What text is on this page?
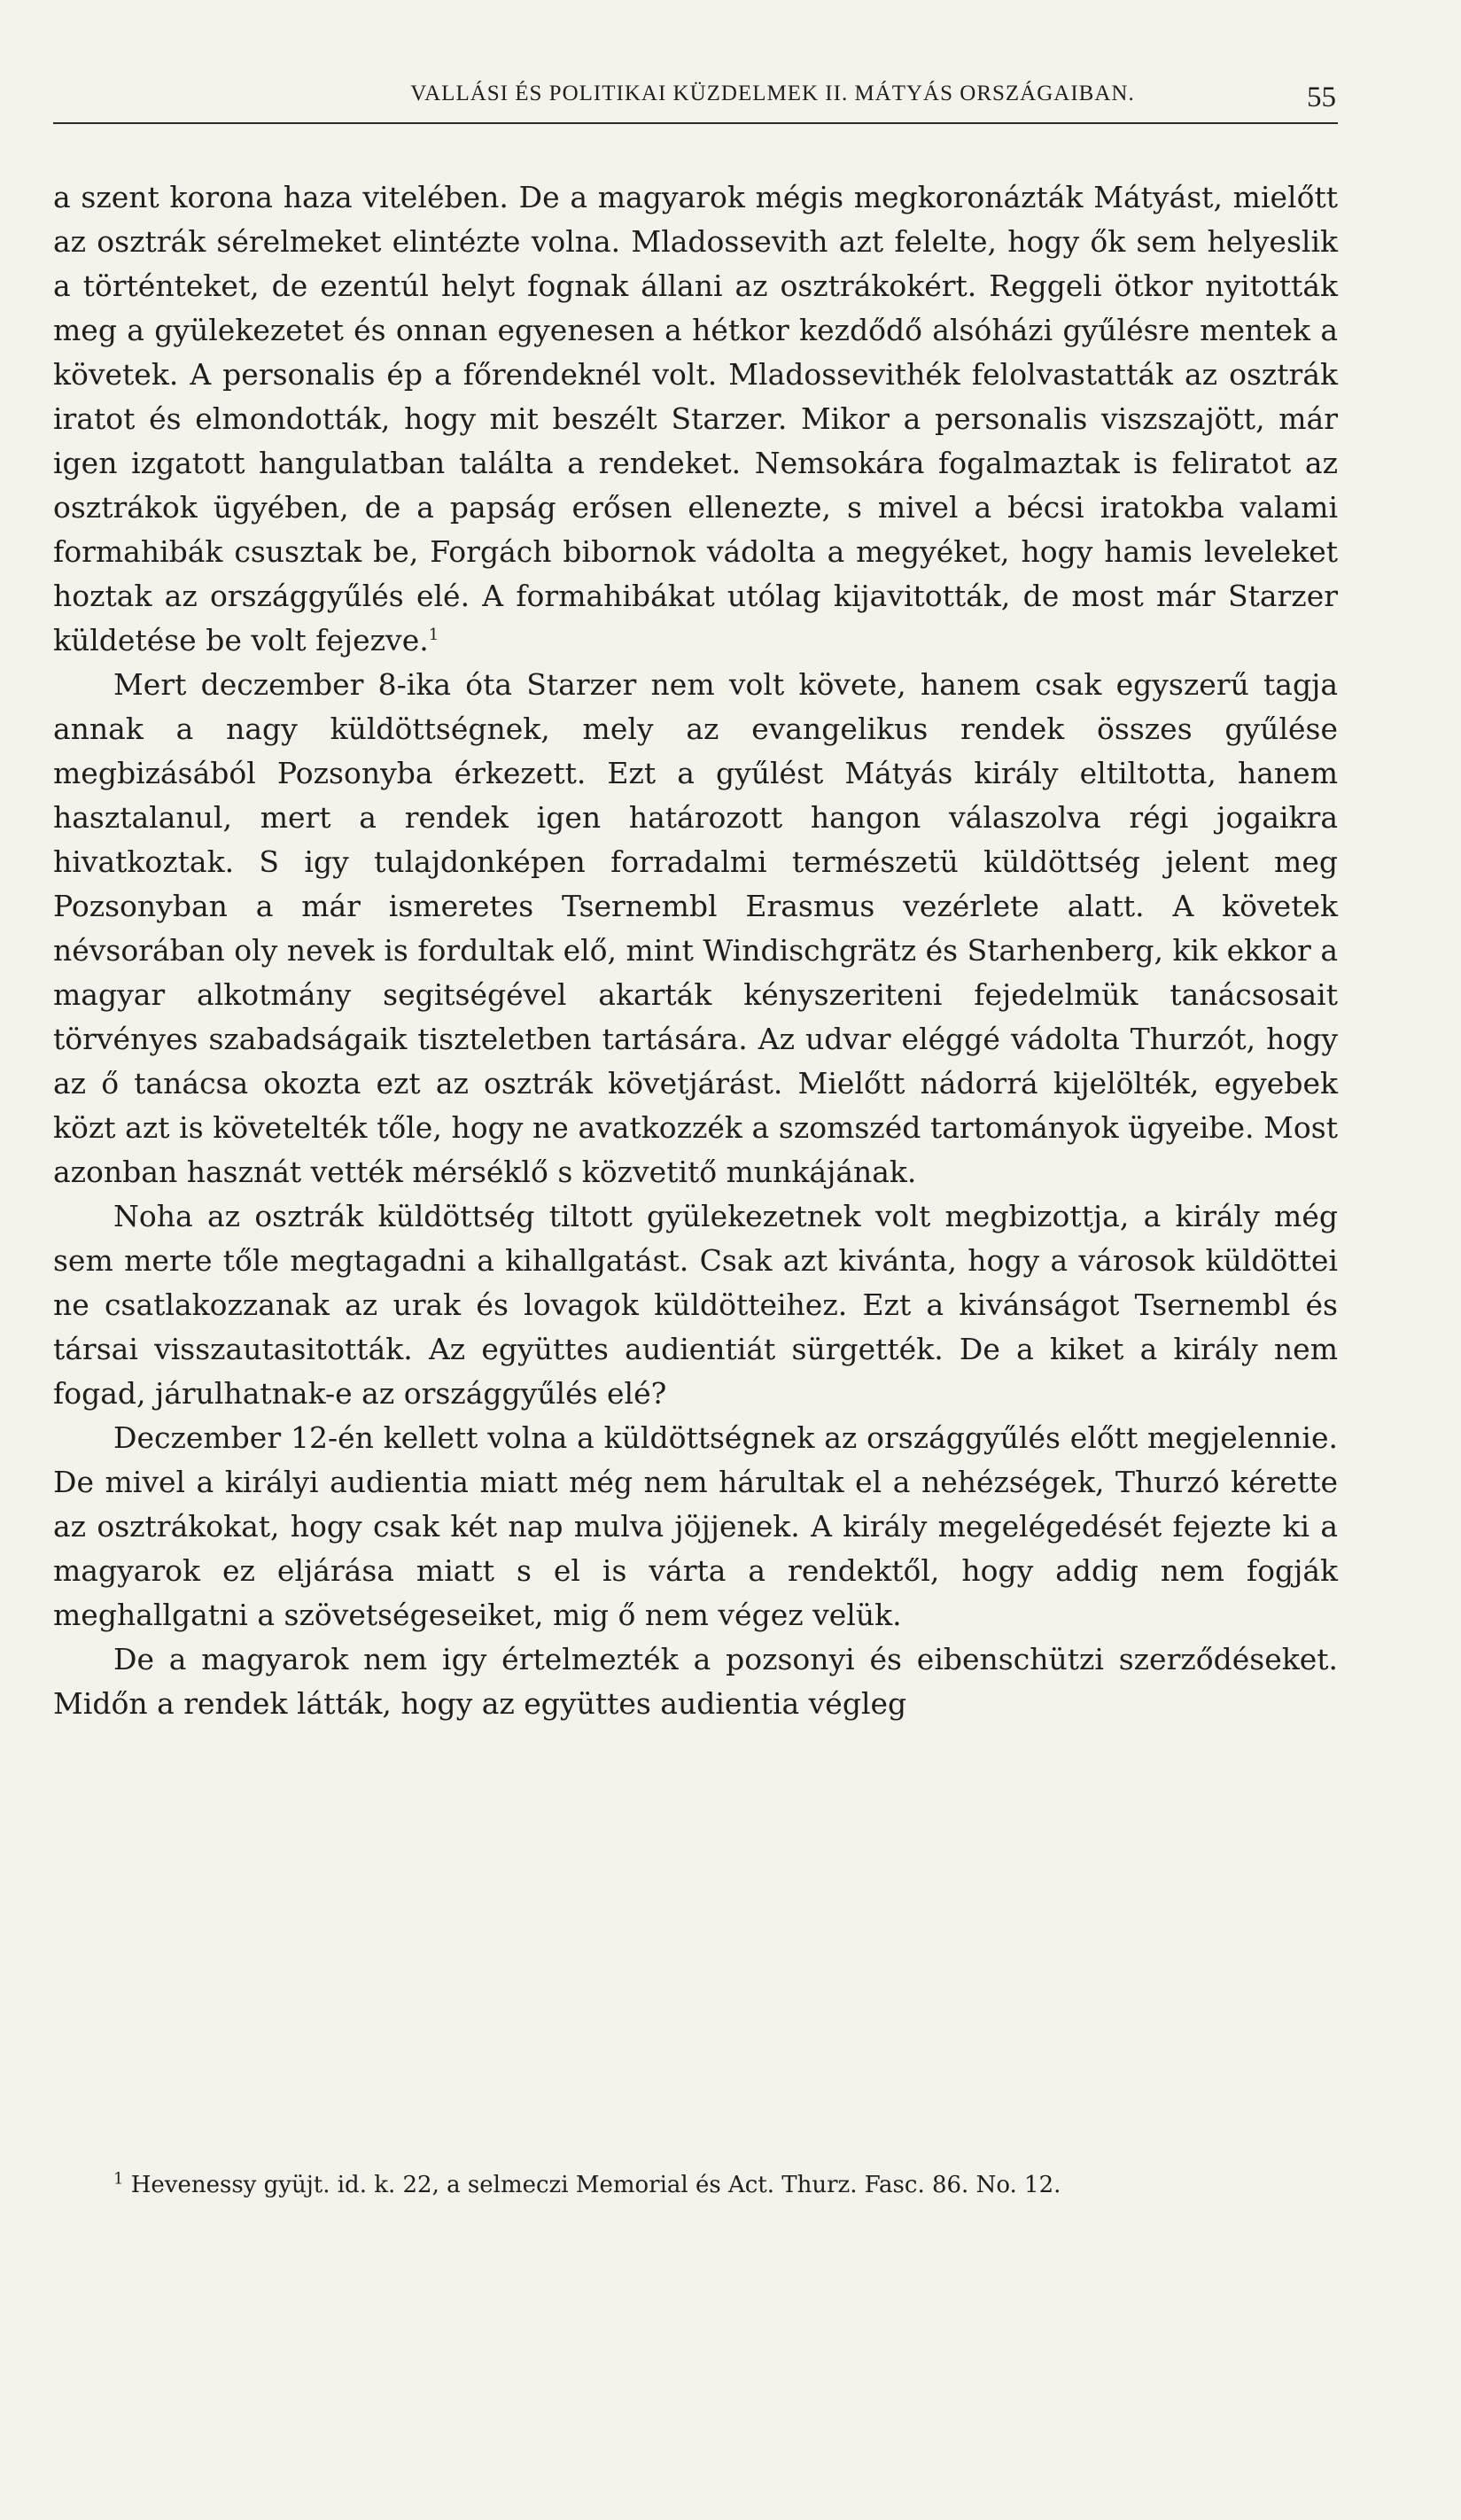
VALLÁSI ÉS POLITIKAI KÜZDELMEK II. MÁTYÁS ORSZÁGAIBAN.	55

a szent korona haza vitelében. De a magyarok mégis megkoronázták Mátyást, mielőtt az osztrák sérelmeket elintézte volna. Mladossevith azt felelte, hogy ők sem helyeslik a történteket, de ezentúl helyt fognak állani az osztrákokért. Reggeli ötkor nyitották meg a gyülekezetet és onnan egyenesen a hétkor kezdődő alsóházi gyűlésre mentek a követek. A personalis ép a főrendeknél volt. Mladossevithék felolvastatták az osztrák iratot és elmondották, hogy mit beszélt Starzer. Mikor a personalis viszszajött, már igen izgatott hangulatban találta a rendeket. Nemsokára fogalmaztak is feliratot az osztrákok ügyében, de a papság erősen ellenezte, s mivel a bécsi iratokba valami formahibák csusztak be, Forgách bibornok vádolta a megyéket, hogy hamis leveleket hoztak az országgyűlés elé. A formahibákat utólag kijavitották, de most már Starzer küldetése be volt fejezve.$^1$

Mert deczember 8-ika óta Starzer nem volt követe, hanem csak egyszerű tagja annak a nagy küldöttségnek, mely az evangelikus rendek összes gyűlése megbizásából Pozsonyba érkezett. Ezt a gyűlést Mátyás király eltiltotta, hanem hasztalanul, mert a rendek igen határozott hangon válaszolva régi jogaikra hivatkoztak. S igy tulajdonképen forradalmi természetü küldöttség jelent meg Pozsonyban a már ismeretes Tsernembl Erasmus vezérlete alatt. A követek névsorában oly nevek is fordultak elő, mint Windischgrätz és Starhenberg, kik ekkor a magyar alkotmány segitségével akarták kényszeriteni fejedelmük tanácsosait törvényes szabadságaik tiszteletben tartására. Az udvar eléggé vádolta Thurzót, hogy az ő tanácsa okozta ezt az osztrák követjárást. Mielőtt nádorrá kijelölték, egyebek közt azt is követelték tőle, hogy ne avatkozzék a szomszéd tartományok ügyeibe. Most azonban hasznát vették mérséklő s közvetitő munkájának.

Noha az osztrák küldöttség tiltott gyülekezetnek volt megbizottja, a király még sem merte tőle megtagadni a kihallgatást. Csak azt kivánta, hogy a városok küldöttei ne csatlakozzanak az urak és lovagok küldötteihez. Ezt a kivánságot Tsernembl és társai visszautasitották. Az együttes audientiát sürgették. De a kiket a király nem fogad, járulhatnak-e az országgyűlés elé?

Deczember 12-én kellett volna a küldöttségnek az országgyűlés előtt megjelennie. De mivel a királyi audientia miatt még nem hárultak el a nehézségek, Thurzó kérette az osztrákokat, hogy csak két nap mulva jöjjenek. A király megelégedését fejezte ki a magyarok ez eljárása miatt s el is várta a rendektől, hogy addig nem fogják meghallgatni a szövetségeseiket, mig ő nem végez velük.

De a magyarok nem igy értelmezték a pozsonyi és eibenschützi szerződéseket. Midőn a rendek látták, hogy az együttes audientia végleg

$^1$ Hevenessy gyüjt. id. k. 22, a selmeczi Memorial és Act. Thurz. Fasc. 86. No. 12.
